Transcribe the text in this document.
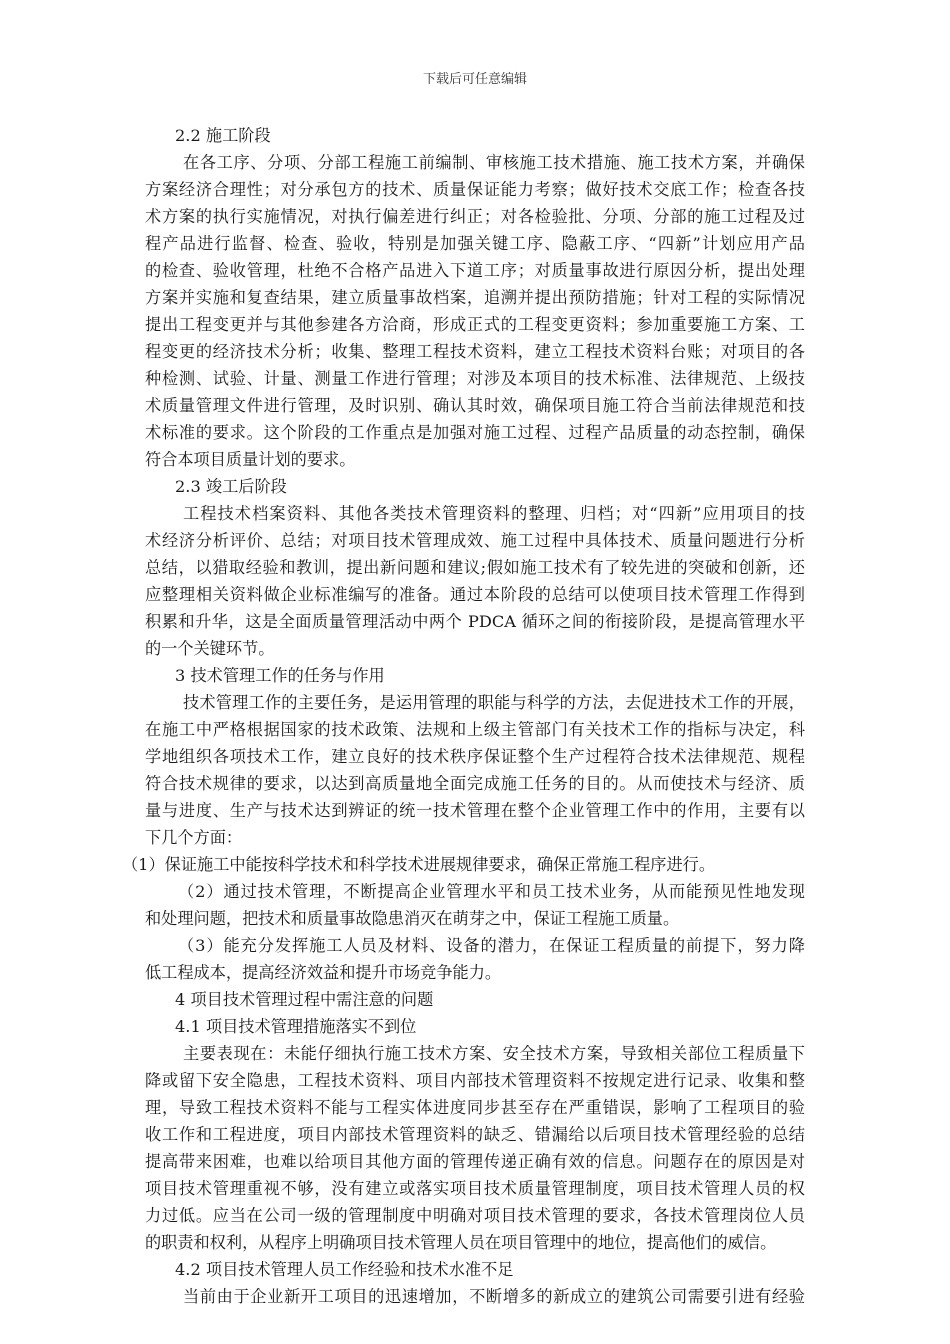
下载后可任意编辑
2.2 施工阶段
在各工序、分项、分部工程施工前编制、审核施工技术措施、施工技术方案，并确保
方案经济合理性；对分承包方的技术、质量保证能力考察；做好技术交底工作；检查各技
术方案的执行实施情况，对执行偏差进行纠正；对各检验批、分项、分部的施工过程及过
程产品进行监督、检查、验收，特别是加强关键工序、隐蔽工序、“四新”计划应用产品
的检查、验收管理，杜绝不合格产品进入下道工序；对质量事故进行原因分析，提出处理
方案并实施和复查结果，建立质量事故档案，追溯并提出预防措施；针对工程的实际情况
提出工程变更并与其他参建各方洽商，形成正式的工程变更资料；参加重要施工方案、工
程变更的经济技术分析；收集、整理工程技术资料，建立工程技术资料台账；对项目的各
种检测、试验、计量、测量工作进行管理；对涉及本项目的技术标准、法律规范、上级技
术质量管理文件进行管理，及时识别、确认其时效，确保项目施工符合当前法律规范和技
术标准的要求。这个阶段的工作重点是加强对施工过程、过程产品质量的动态控制，确保
符合本项目质量计划的要求。
2.3 竣工后阶段
工程技术档案资料、其他各类技术管理资料的整理、归档；对“四新”应用项目的技
术经济分析评价、总结；对项目技术管理成效、施工过程中具体技术、质量问题进行分析
总结，以猎取经验和教训，提出新问题和建议;假如施工技术有了较先进的突破和创新，还
应整理相关资料做企业标准编写的准备。通过本阶段的总结可以使项目技术管理工作得到
积累和升华，这是全面质量管理活动中两个 PDCA 循环之间的衔接阶段，是提高管理水平
的一个关键环节。
3 技术管理工作的任务与作用
技术管理工作的主要任务，是运用管理的职能与科学的方法，去促进技术工作的开展，
在施工中严格根据国家的技术政策、法规和上级主管部门有关技术工作的指标与决定，科
学地组织各项技术工作，建立良好的技术秩序保证整个生产过程符合技术法律规范、规程
符合技术规律的要求，以达到高质量地全面完成施工任务的目的。从而使技术与经济、质
量与进度、生产与技术达到辨证的统一技术管理在整个企业管理工作中的作用，主要有以
下几个方面：
（1）保证施工中能按科学技术和科学技术进展规律要求，确保正常施工程序进行。
（2）通过技术管理，不断提高企业管理水平和员工技术业务，从而能预见性地发现
和处理问题，把技术和质量事故隐患消灭在萌芽之中，保证工程施工质量。
（3）能充分发挥施工人员及材料、设备的潜力，在保证工程质量的前提下，努力降
低工程成本，提高经济效益和提升市场竞争能力。
4 项目技术管理过程中需注意的问题
4.1 项目技术管理措施落实不到位
主要表现在：未能仔细执行施工技术方案、安全技术方案，导致相关部位工程质量下
降或留下安全隐患，工程技术资料、项目内部技术管理资料不按规定进行记录、收集和整
理，导致工程技术资料不能与工程实体进度同步甚至存在严重错误，影响了工程项目的验
收工作和工程进度，项目内部技术管理资料的缺乏、错漏给以后项目技术管理经验的总结
提高带来困难，也难以给项目其他方面的管理传递正确有效的信息。问题存在的原因是对
项目技术管理重视不够，没有建立或落实项目技术质量管理制度，项目技术管理人员的权
力过低。应当在公司一级的管理制度中明确对项目技术管理的要求，各技术管理岗位人员
的职责和权利，从程序上明确项目技术管理人员在项目管理中的地位，提高他们的威信。
4.2 项目技术管理人员工作经验和技术水准不足
当前由于企业新开工项目的迅速增加，不断增多的新成立的建筑公司需要引进有经验
